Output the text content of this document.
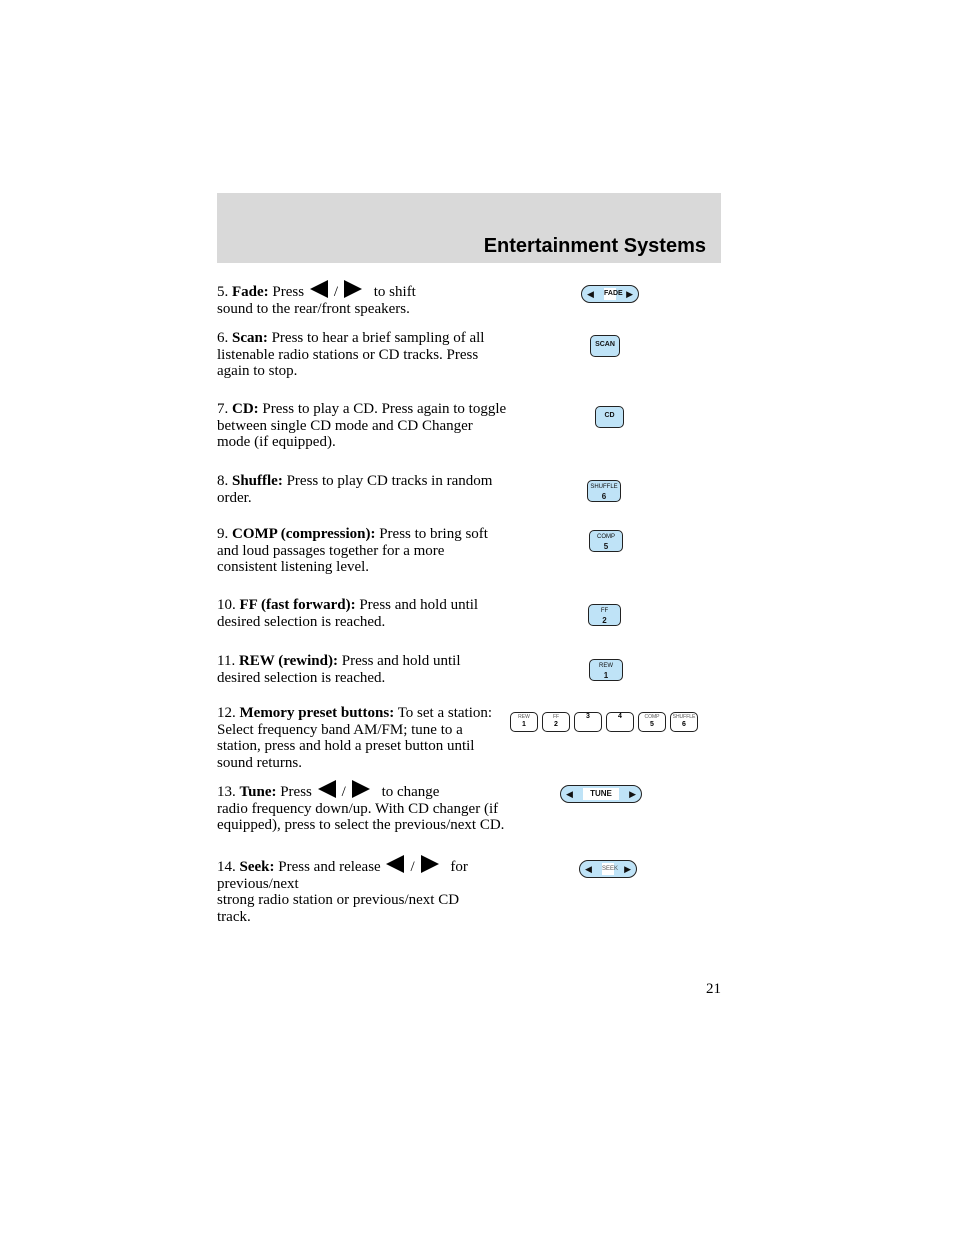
Entertainment Systems
5. Fade: Press / to shift
sound to the rear/front speakers.
6. Scan: Press to hear a brief sampling of all listenable radio stations or CD tracks. Press again to stop.
7. CD: Press to play a CD. Press again to toggle between single CD mode and CD Changer mode (if equipped).
8. Shuffle: Press to play CD tracks in random order.
9. COMP (compression): Press to bring soft and loud passages together for a more consistent listening level.
10. FF (fast forward): Press and hold until desired selection is reached.
11. REW (rewind): Press and hold until desired selection is reached.
12. Memory preset buttons: To set a station: Select frequency band AM/FM; tune to a station, press and hold a preset button until sound returns.
13. Tune: Press / to change
radio frequency down/up. With CD changer (if equipped), press to select the previous/next CD.
14. Seek: Press and release / for previous/next
strong radio station or previous/next CD track.
◀ FADE ▶
SCAN
CD
SHUFFLE
6
COMP
5
FF
2
REW
1
REW
1
FF
2
3	4	COMP
5
SHUFFLE
6
◀	TUNE	▶
◀ SEEK ▶
21
